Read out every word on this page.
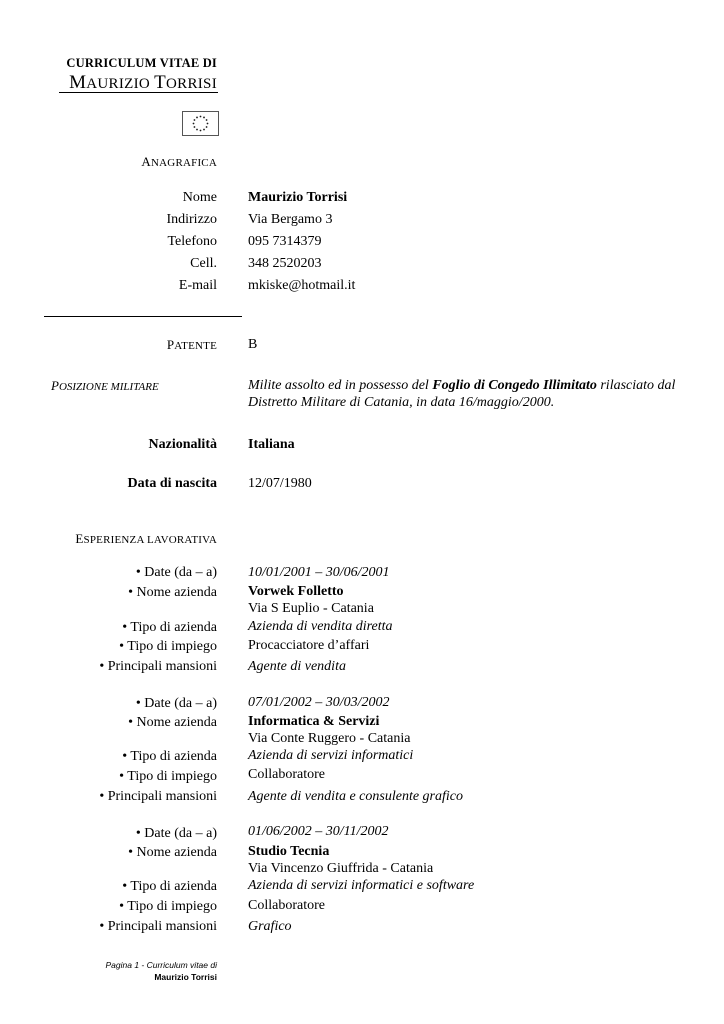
CURRICULUM VITAE DI
MAURIZIO TORRISI
ANAGRAFICA
Nome Maurizio Torrisi
Indirizzo Via Bergamo 3
Telefono 095 7314379
Cell. 348 2520203
E-mail mkiske@hotmail.it
PATENTE B
POSIZIONE MILITARE	Milite assolto ed in possesso del Foglio di Congedo Illimitato rilasciato dal Distretto Militare di Catania, in data 16/maggio/2000.
Nazionalità Italiana
Data di nascita 12/07/1980
ESPERIENZA LAVORATIVA
• Date (da – a) 10/01/2001 – 30/06/2001
• Nome azienda Vorwek Folletto
Via S Euplio - Catania
• Tipo di azienda Azienda di vendita diretta
• Tipo di impiego Procacciatore d’affari
• Principali mansioni Agente di vendita
• Date (da – a) 07/01/2002 – 30/03/2002
• Nome azienda Informatica & Servizi
Via Conte Ruggero - Catania
• Tipo di azienda Azienda di servizi informatici
• Tipo di impiego Collaboratore
• Principali mansioni Agente di vendita e consulente grafico
• Date (da – a) 01/06/2002 – 30/11/2002
• Nome azienda Studio Tecnia
Via Vincenzo Giuffrida - Catania
• Tipo di azienda Azienda di servizi informatici e software
• Tipo di impiego Collaboratore
• Principali mansioni Grafico
Pagina 1 - Curriculum vitae di
Maurizio Torrisi
